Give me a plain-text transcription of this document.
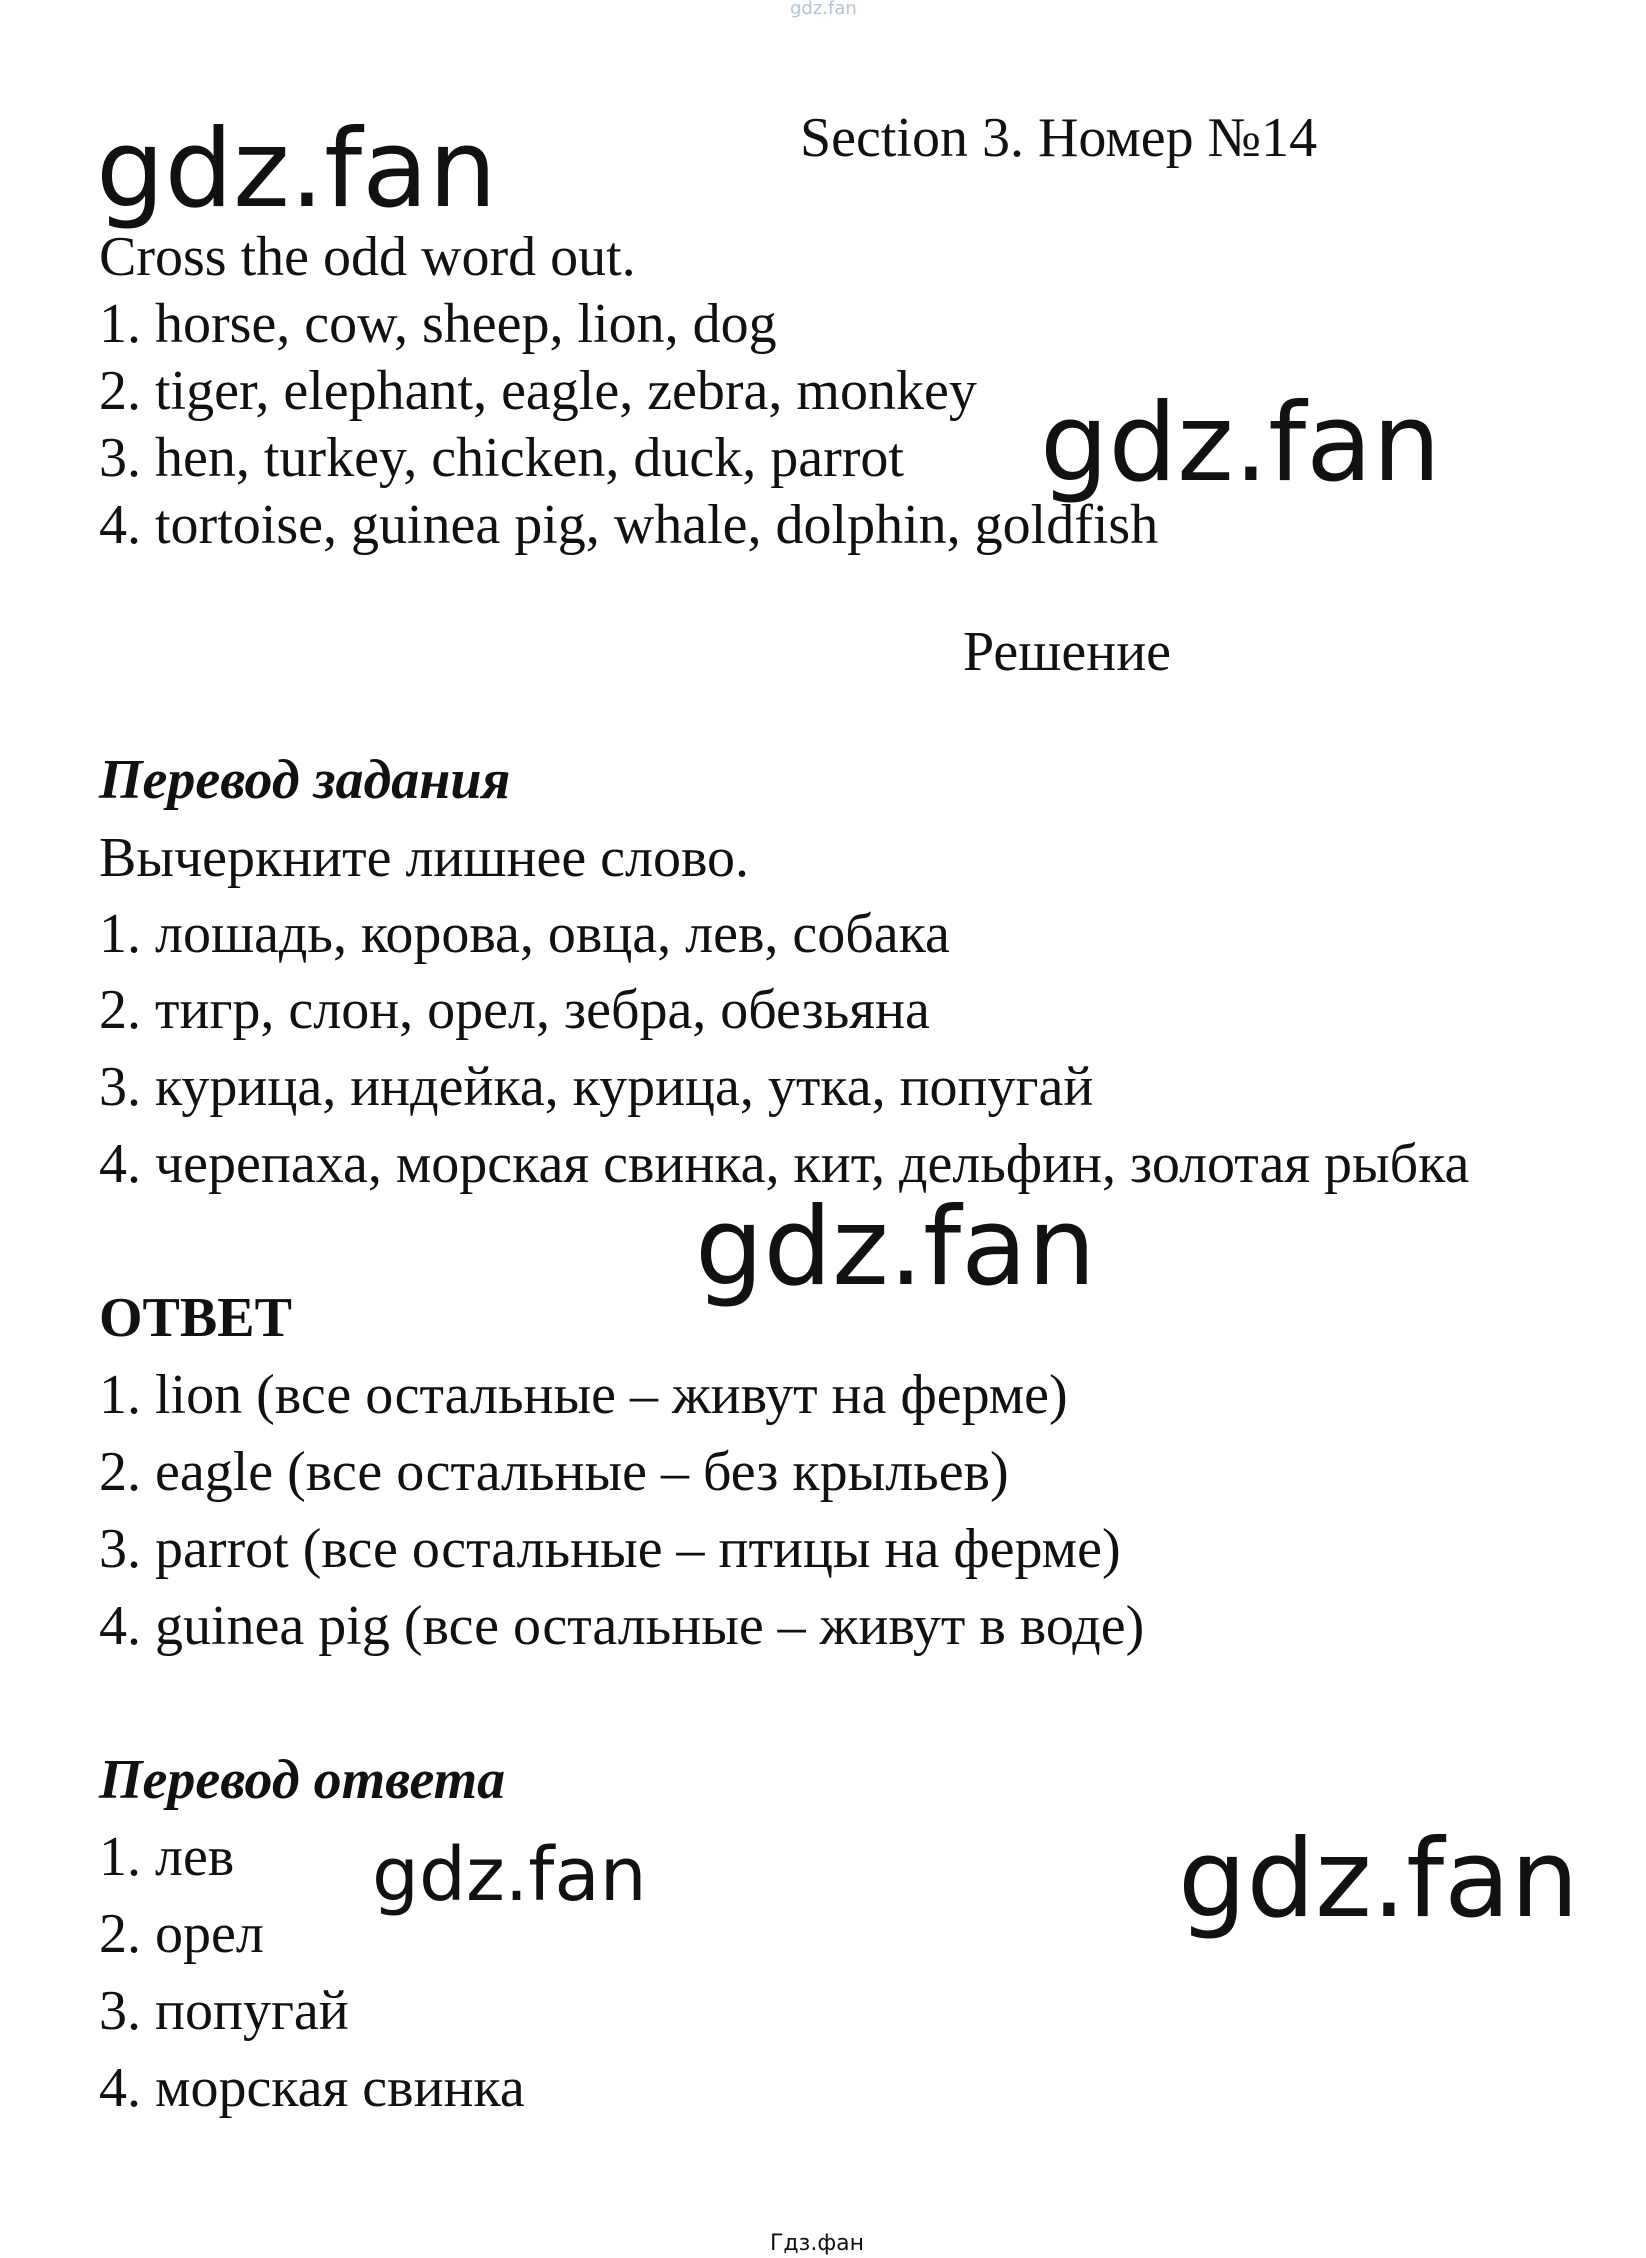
gdz.fan
gdz.fan
gdz.fan
gdz.fan
gdz.fan	gdz.fan
Гдз.фан

Section 3. Номер №14

Cross the odd word out.

1. horse, cow, sheep, lion, dog

2. tiger, elephant, eagle, zebra, monkey

3. hen, turkey, chicken, duck, parrot

4. tortoise, guinea pig, whale, dolphin, goldfish

Решение

Перевод задания

Вычеркните лишнее слово.

1. лошадь, корова, овца, лев, собака

2. тигр, слон, орел, зебра, обезьяна

3. курица, индейка, курица, утка, попугай

4. черепаха, морская свинка, кит, дельфин, золотая рыбка

ОТВЕТ

1. lion (все остальные – живут на ферме)

2. eagle (все остальные – без крыльев)

3. parrot (все остальные – птицы на ферме)

4. guinea pig (все остальные – живут в воде)

Перевод ответа

1. лев

2. орел

3. попугай

4. морская свинка
